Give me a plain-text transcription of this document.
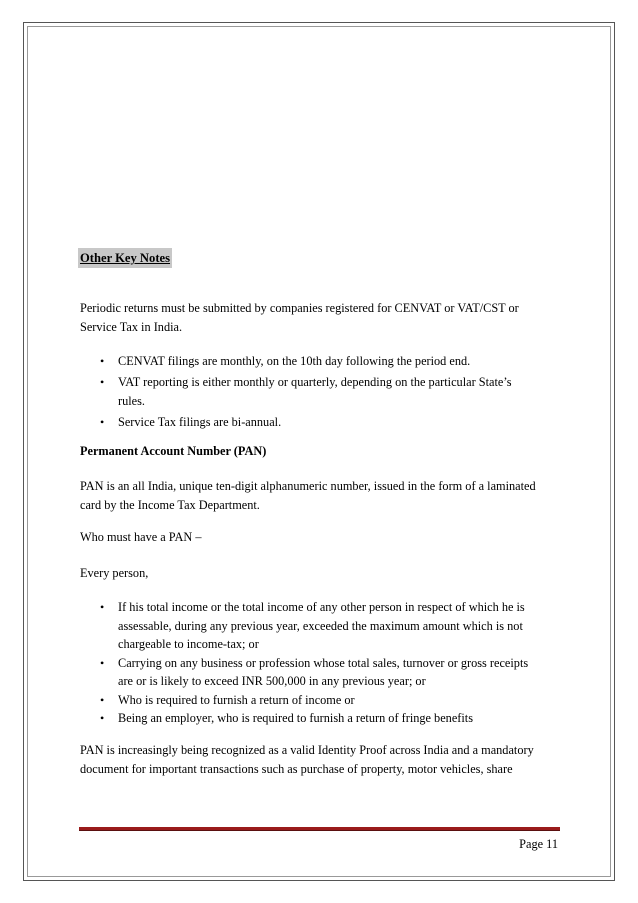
Other Key Notes
Periodic returns must be submitted by companies registered for CENVAT or VAT/CST or
Service Tax in India.
• CENVAT filings are monthly, on the 10th day following the period end.
• VAT reporting is either monthly or quarterly, depending on the particular State’s
rules.
• Service Tax filings are bi-annual.
Permanent Account Number (PAN)
PAN is an all India, unique ten-digit alphanumeric number, issued in the form of a laminated
card by the Income Tax Department.
Who must have a PAN –
Every person,
• If his total income or the total income of any other person in respect of which he is
assessable, during any previous year, exceeded the maximum amount which is not
chargeable to income-tax; or
• Carrying on any business or profession whose total sales, turnover or gross receipts
are or is likely to exceed INR 500,000 in any previous year; or
• Who is required to furnish a return of income or
• Being an employer, who is required to furnish a return of fringe benefits
PAN is increasingly being recognized as a valid Identity Proof across India and a mandatory
document for important transactions such as purchase of property, motor vehicles, share
Page 11
